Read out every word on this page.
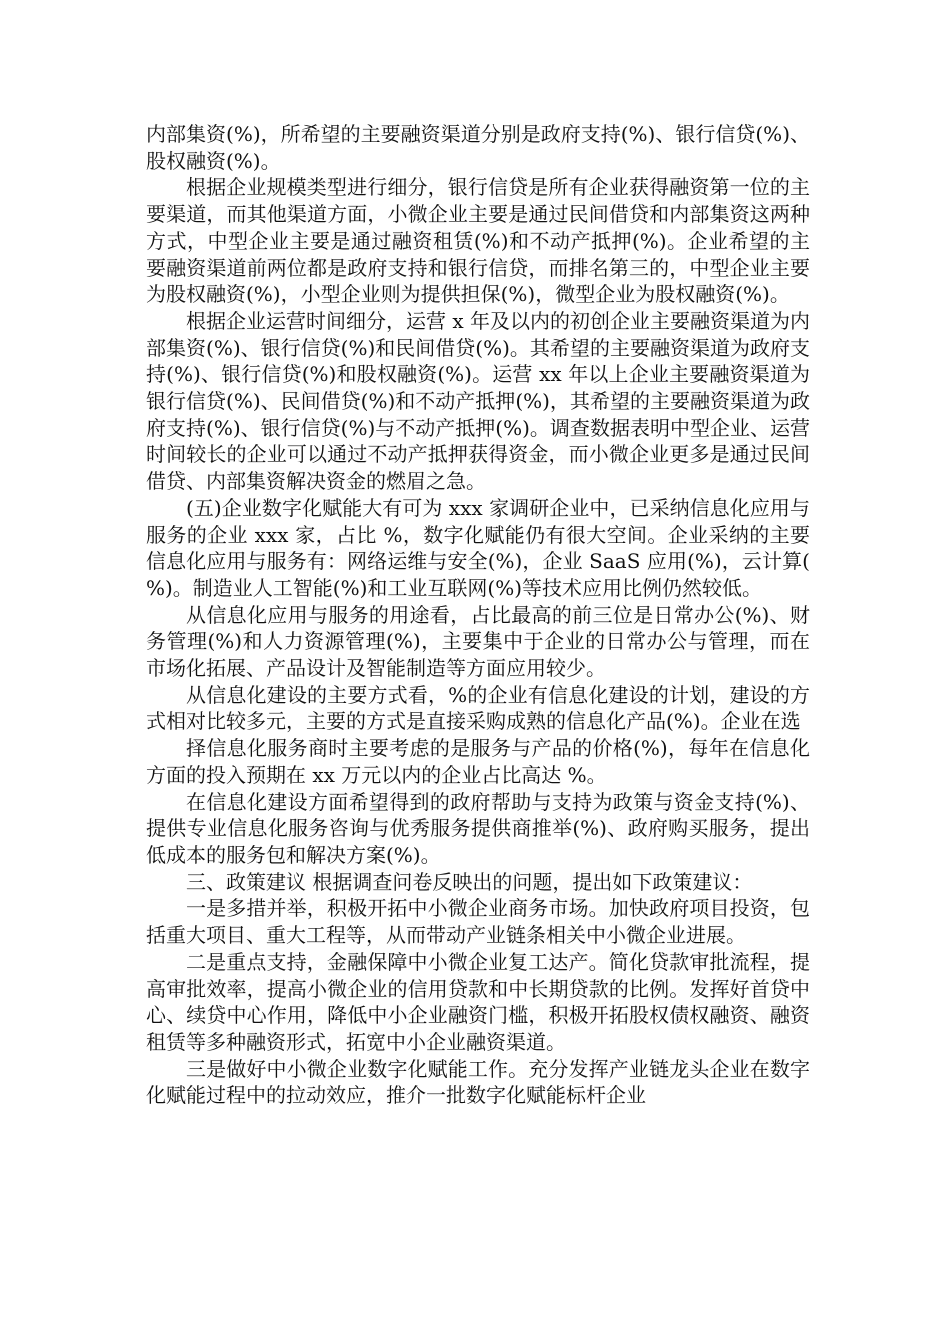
内部集资(%)，所希望的主要融资渠道分别是政府支持(%)、银行信贷(%)、股权融资(%)。

根据企业规模类型进行细分，银行信贷是所有企业获得融资第一位的主要渠道，而其他渠道方面，小微企业主要是通过民间借贷和内部集资这两种方式，中型企业主要是通过融资租赁(%)和不动产抵押(%)。企业希望的主要融资渠道前两位都是政府支持和银行信贷，而排名第三的，中型企业主要为股权融资(%)，小型企业则为提供担保(%)，微型企业为股权融资(%)。

根据企业运营时间细分，运营 x 年及以内的初创企业主要融资渠道为内部集资(%)、银行信贷(%)和民间借贷(%)。其希望的主要融资渠道为政府支持(%)、银行信贷(%)和股权融资(%)。运营 xx 年以上企业主要融资渠道为银行信贷(%)、民间借贷(%)和不动产抵押(%)，其希望的主要融资渠道为政府支持(%)、银行信贷(%)与不动产抵押(%)。调查数据表明中型企业、运营时间较长的企业可以通过不动产抵押获得资金，而小微企业更多是通过民间借贷、内部集资解决资金的燃眉之急。

(五)企业数字化赋能大有可为 xxx 家调研企业中，已采纳信息化应用与服务的企业 xxx 家，占比 %，数字化赋能仍有很大空间。企业采纳的主要信息化应用与服务有：网络运维与安全(%)，企业 SaaS 应用(%)，云计算(%)。制造业人工智能(%)和工业互联网(%)等技术应用比例仍然较低。

从信息化应用与服务的用途看，占比最高的前三位是日常办公(%)、财务管理(%)和人力资源管理(%)，主要集中于企业的日常办公与管理，而在市场化拓展、产品设计及智能制造等方面应用较少。

从信息化建设的主要方式看，%的企业有信息化建设的计划，建设的方式相对比较多元，主要的方式是直接采购成熟的信息化产品(%)。企业在选

择信息化服务商时主要考虑的是服务与产品的价格(%)，每年在信息化方面的投入预期在 xx 万元以内的企业占比高达 %。

在信息化建设方面希望得到的政府帮助与支持为政策与资金支持(%)、提供专业信息化服务咨询与优秀服务提供商推举(%)、政府购买服务，提出低成本的服务包和解决方案(%)。

三、政策建议 根据调查问卷反映出的问题，提出如下政策建议：

一是多措并举，积极开拓中小微企业商务市场。加快政府项目投资，包括重大项目、重大工程等，从而带动产业链条相关中小微企业进展。

二是重点支持，金融保障中小微企业复工达产。简化贷款审批流程，提高审批效率，提高小微企业的信用贷款和中长期贷款的比例。发挥好首贷中心、续贷中心作用，降低中小企业融资门槛，积极开拓股权债权融资、融资租赁等多种融资形式，拓宽中小企业融资渠道。

三是做好中小微企业数字化赋能工作。充分发挥产业链龙头企业在数字化赋能过程中的拉动效应，推介一批数字化赋能标杆企业
